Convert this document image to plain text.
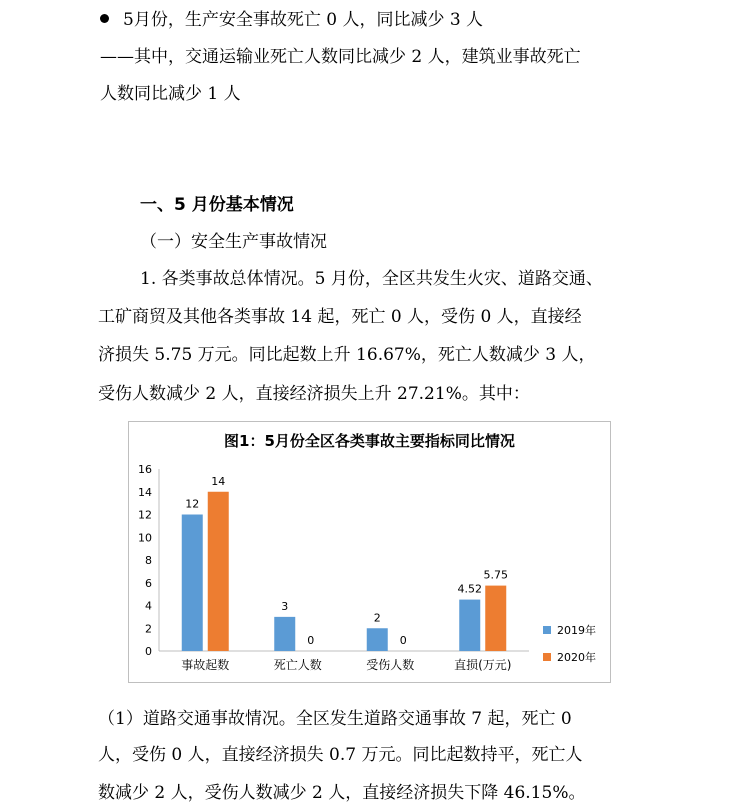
5月份，生产安全事故死亡 0 人，同比减少 3 人
——其中，交通运输业死亡人数同比减少 2 人，建筑业事故死亡
人数同比减少 1 人
一、5 月份基本情况
（一）安全生产事故情况
1. 各类事故总体情况。5 月份，全区共发生火灾、道路交通、
工矿商贸及其他各类事故 14 起，死亡 0 人，受伤 0 人，直接经
济损失 5.75 万元。同比起数上升 16.67%，死亡人数减少 3 人，
受伤人数减少 2 人，直接经济损失上升 27.21%。其中：
图1：5月份全区各类事故主要指标同比情况
0
2
4
6
8
10
12
14
16
12
14
事故起数
3
0
死亡人数
2
0
受伤人数
4.52
5.75
直损(万元)
2019年
2020年
（1）道路交通事故情况。全区发生道路交通事故 7 起，死亡 0
人，受伤 0 人，直接经济损失 0.7 万元。同比起数持平，死亡人
数减少 2 人，受伤人数减少 2 人，直接经济损失下降 46.15%。
